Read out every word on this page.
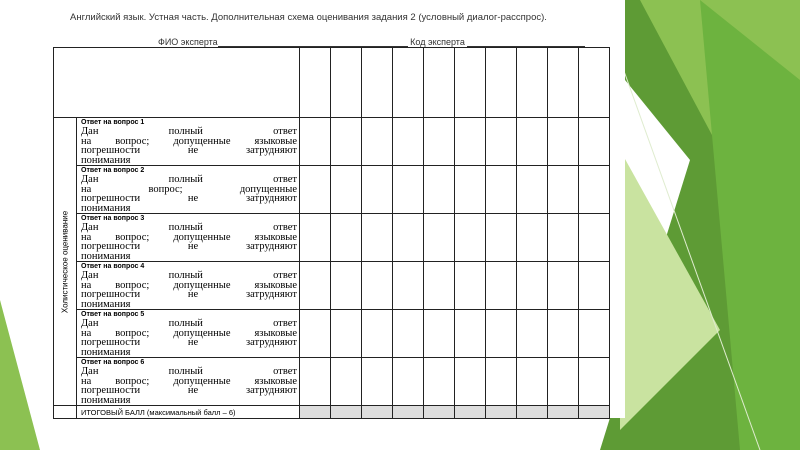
Английский язык. Устная часть. Дополнительная схема оценивания задания 2 (условный диалог-расспрос).
ФИО эксперта	Код эксперта

Холистическое оценивание	Ответ на вопрос 1
Дан полный ответ
на вопрос; допущенные языковые
погрешности не затрудняют
понимания										

	Ответ на вопрос 2
Дан полный ответ
на вопрос; допущенные
погрешности не затрудняют
понимания										

	Ответ на вопрос 3
Дан полный ответ
на вопрос; допущенные языковые
погрешности не затрудняют
понимания										

	Ответ на вопрос 4
Дан полный ответ
на вопрос; допущенные языковые
погрешности не затрудняют
понимания										

	Ответ на вопрос 5
Дан полный ответ
на вопрос; допущенные языковые
погрешности не затрудняют
понимания										

	Ответ на вопрос 6
Дан полный ответ
на вопрос; допущенные языковые
погрешности не затрудняют
понимания										

	ИТОГОВЫЙ БАЛЛ (максимальный балл – 6)										
